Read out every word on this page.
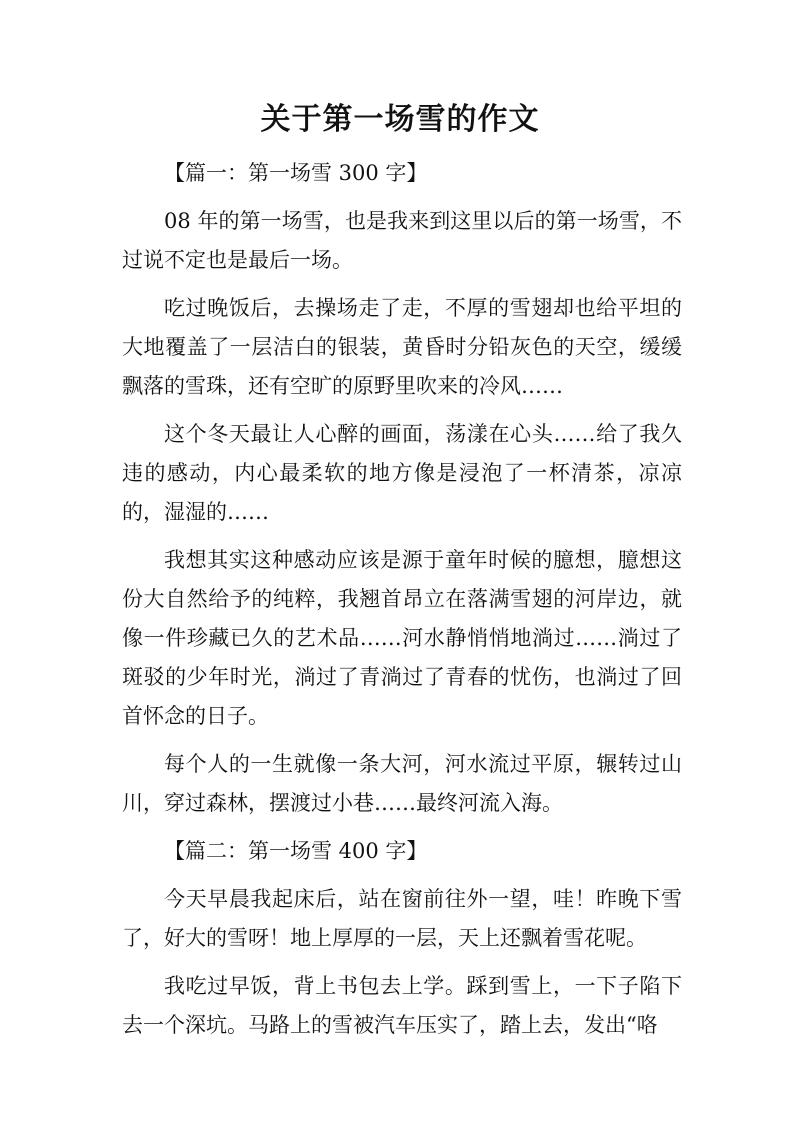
关于第一场雪的作文
【篇一：第一场雪 300 字】

08 年的第一场雪，也是我来到这里以后的第一场雪，不过说不定也是最后一场。

吃过晚饭后，去操场走了走，不厚的雪翅却也给平坦的大地覆盖了一层洁白的银装，黄昏时分铅灰色的天空，缓缓飘落的雪珠，还有空旷的原野里吹来的冷风……

这个冬天最让人心醉的画面，荡漾在心头……给了我久违的感动，内心最柔软的地方像是浸泡了一杯清茶，凉凉的，湿湿的……

我想其实这种感动应该是源于童年时候的臆想，臆想这份大自然给予的纯粹，我翘首昂立在落满雪翅的河岸边，就像一件珍藏已久的艺术品……河水静悄悄地淌过……淌过了斑驳的少年时光，淌过了青淌过了青春的忧伤，也淌过了回首怀念的日子。

每个人的一生就像一条大河，河水流过平原，辗转过山川，穿过森林，摆渡过小巷……最终河流入海。

【篇二：第一场雪 400 字】

今天早晨我起床后，站在窗前往外一望，哇！昨晚下雪了，好大的雪呀！地上厚厚的一层，天上还飘着雪花呢。

我吃过早饭，背上书包去上学。踩到雪上，一下子陷下去一个深坑。马路上的雪被汽车压实了，踏上去，发出“咯
